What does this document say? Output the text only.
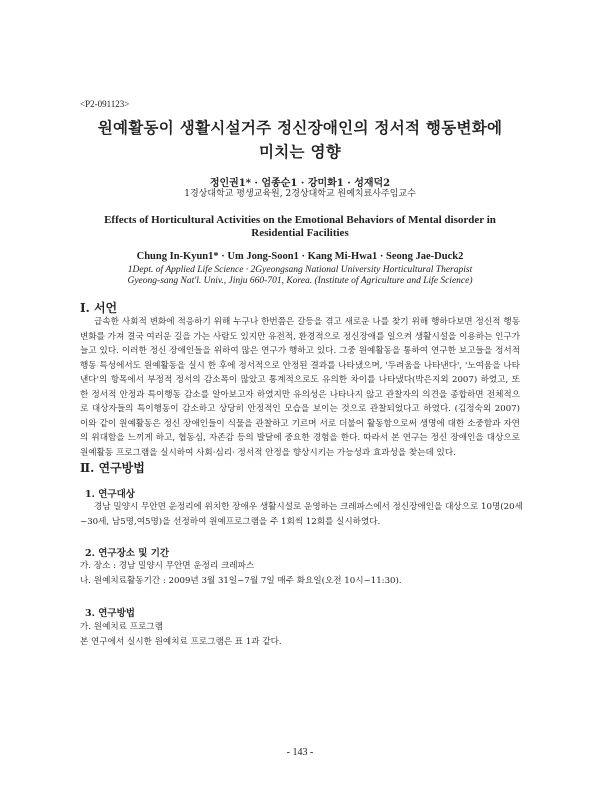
<P2-091123>
원예활동이 생활시설거주 정신장애인의 정서적 행동변화에
미치는 영향
정인권1* · 엄종순1 · 강미화1 · 성재덕2
1경상대학교 평생교육원, 2경상대학교 원예치료사주임교수
Effects of Horticultural Activities on the Emotional Behaviors of Mental disorder in
Residential Facilities
Chung In-Kyun1* · Um Jong-Soon1 · Kang Mi-Hwa1 · Seong Jae-Duck2
1Dept. of Applied Life Science · 2Gyeongsang National University Horticultural Therapist
Gyeong-sang Nat'l. Univ., Jinju 660-701, Korea. (Institute of Agriculture and Life Science)
Ⅰ. 서언
급속한 사회적 변화에 적응하기 위해 누구나 한번쯤은 갈등을 겪고 새로운 나를 찾기 위해 행하다보면 정신적 행동변화를 가져 결국 여러운 길을 가는 사람도 있지만 유전적, 환경적으로 정신장애를 일으켜 생활시설을 이용하는 인구가 늘고 있다. 이러한 정신 장애인들을 위하여 많은 연구가 행하고 있다. 그중 원예활동을 통하여 연구한 보고들을 정서적 행동 특성에서도 원예활동을 실시 한 후에 정서적으로 안정된 결과를 나타냈으며, '두려움을 나타낸다', '노여움을 나타낸다'의 항목에서 부정적 정서의 감소폭이 많았고 통계적으로도 유의한 차이를 나타냈다(박은지외 2007) 하였고, 또한 정서적 안정과 특이행동 감소를 알아보고자 하였지만 유의성은 나타나지 않고 관찰자의 의견을 종합하면 전체적으로 대상자들의 특이행동이 감소하고 상당히 안정적인 모습을 보이는 것으로 관찰되었다고 하였다. (김정숙외 2007) 이와 같이 원예활동은 정신 장애인들이 식물을 관찰하고 기르며 서로 더불어 활동함으로써 생명에 대한 소중함과 자연의 위대함을 느끼게 하고, 협동심, 자존감 등의 발달에 중요한 경험을 한다. 따라서 본 연구는 정신 장애인을 대상으로 원예활동 프로그램을 실시하여 사회·심리· 정서적 안정을 향상시키는 가능성과 효과성을 찾는데 있다.
Ⅱ. 연구방법
1. 연구대상
경남 밀양시 무안면 운정리에 위치한 장애우 생활시설로 운영하는 크레파스에서 정신장애인을 대상으로 10명(20세~30세, 남5명,여5명)을 선정하여 원예프로그램을 주 1회씩 12회를 실시하였다.
2. 연구장소 및 기간
가. 장소 : 경남 밀양시 무안면 운정리 크레파스
나. 원예치료활동기간 : 2009년 3월 31일~7월 7일 매주 화요일(오전 10시~11:30).
3. 연구방법
가. 원예치료 프로그램
본 연구에서 실시한 원예치료 프로그램은 표 1과 같다.
- 143 -
